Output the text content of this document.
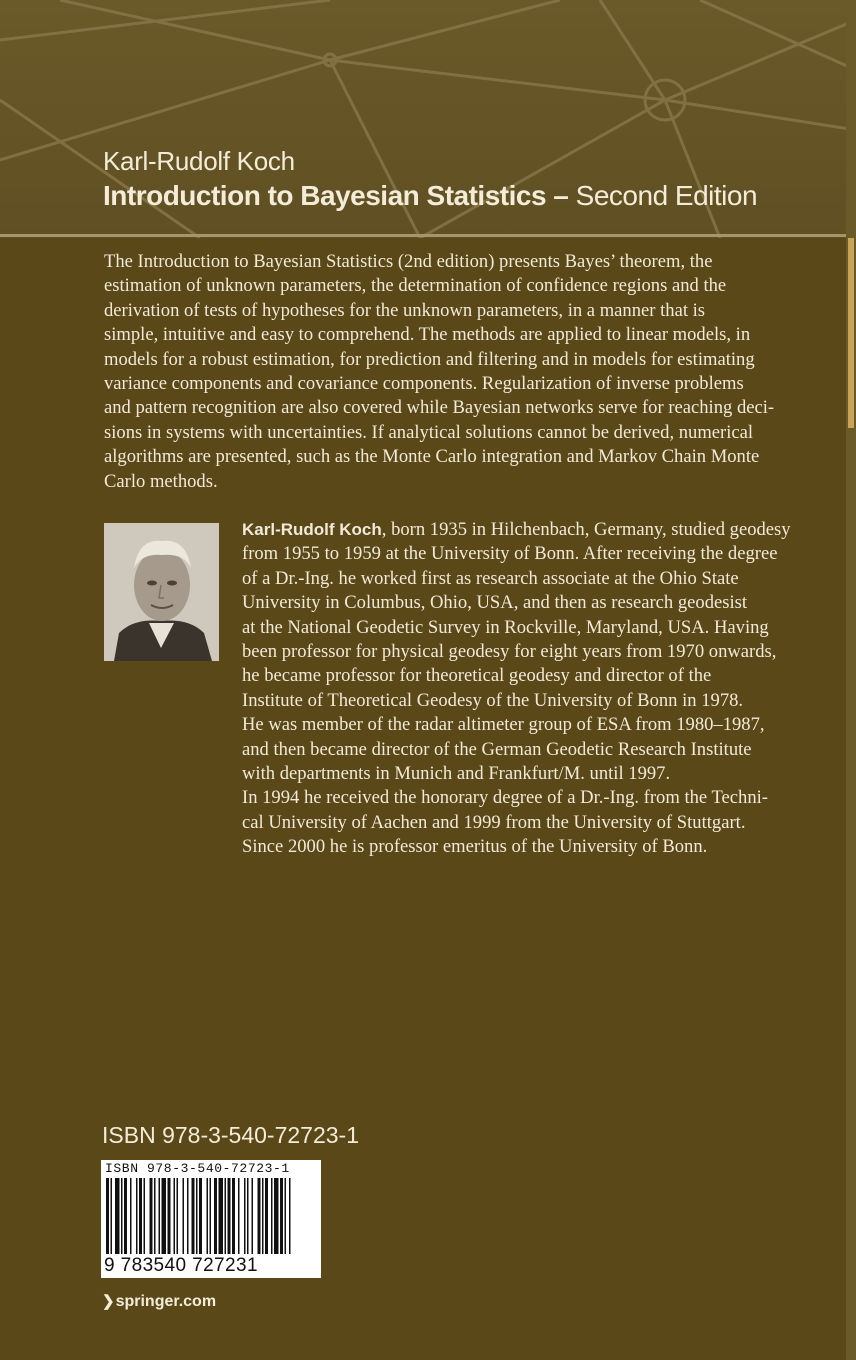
Karl-Rudolf Koch
Introduction to Bayesian Statistics – Second Edition
The Introduction to Bayesian Statistics (2nd edition) presents Bayes’ theorem, the
estimation of unknown parameters, the determination of confidence regions and the
derivation of tests of hypotheses for the unknown parameters, in a manner that is
simple, intuitive and easy to comprehend. The methods are applied to linear models, in
models for a robust estimation, for prediction and filtering and in models for estimating
variance components and covariance components. Regularization of inverse problems
and pattern recognition are also covered while Bayesian networks serve for reaching deci-
sions in systems with uncertainties. If analytical solutions cannot be derived, numerical
algorithms are presented, such as the Monte Carlo integration and Markov Chain Monte
Carlo methods.
Karl-Rudolf Koch, born 1935 in Hilchenbach, Germany, studied geodesy
from 1955 to 1959 at the University of Bonn. After receiving the degree
of a Dr.-Ing. he worked first as research associate at the Ohio State
University in Columbus, Ohio, USA, and then as research geodesist
at the National Geodetic Survey in Rockville, Maryland, USA. Having
been professor for physical geodesy for eight years from 1970 onwards,
he became professor for theoretical geodesy and director of the
Institute of Theoretical Geodesy of the University of Bonn in 1978.
He was member of the radar altimeter group of ESA from 1980–1987,
and then became director of the German Geodetic Research Institute
with departments in Munich and Frankfurt/M. until 1997.
In 1994 he received the honorary degree of a Dr.-Ing. from the Techni-
cal University of Aachen and 1999 from the University of Stuttgart.
Since 2000 he is professor emeritus of the University of Bonn.
ISBN 978-3-540-72723-1
ISBN 978-3-540-72723-1
9 783540 727231
❯springer.com
